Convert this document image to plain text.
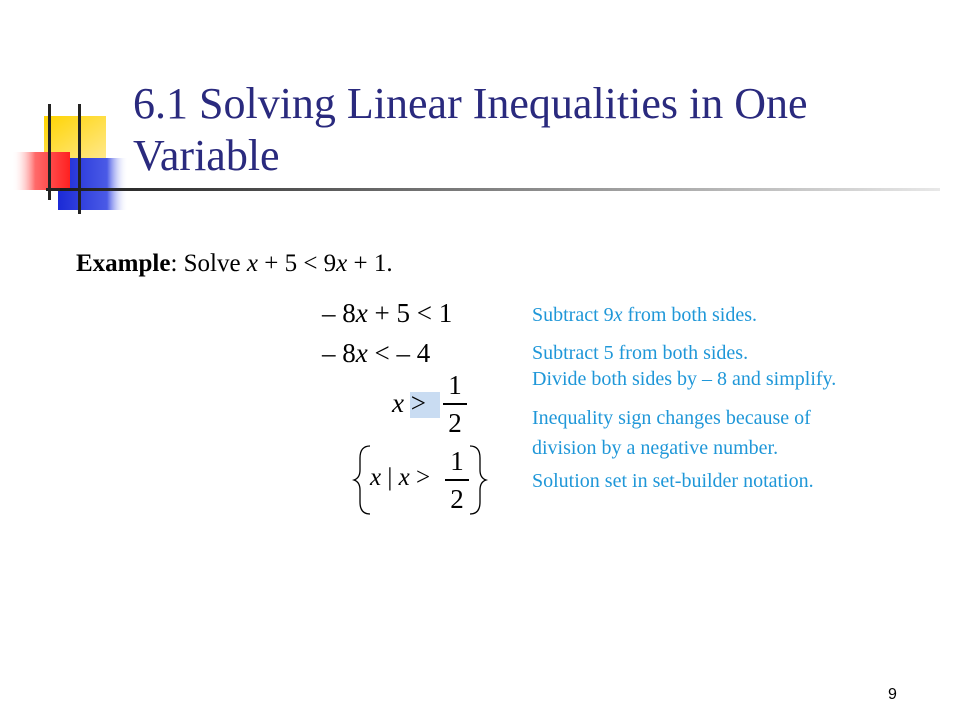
6.1 Solving Linear Inequalities in One Variable
Example: Solve x + 5 < 9x + 1.
– 8x + 5 < 1	Subtract 9x from both sides.
– 8x < – 4	Subtract 5 from both sides.
x >
1
2
Divide both sides by – 8 and simplify.
Inequality sign changes because of
division by a negative number.
x | x >
1
2
Solution set in set-builder notation.
9
